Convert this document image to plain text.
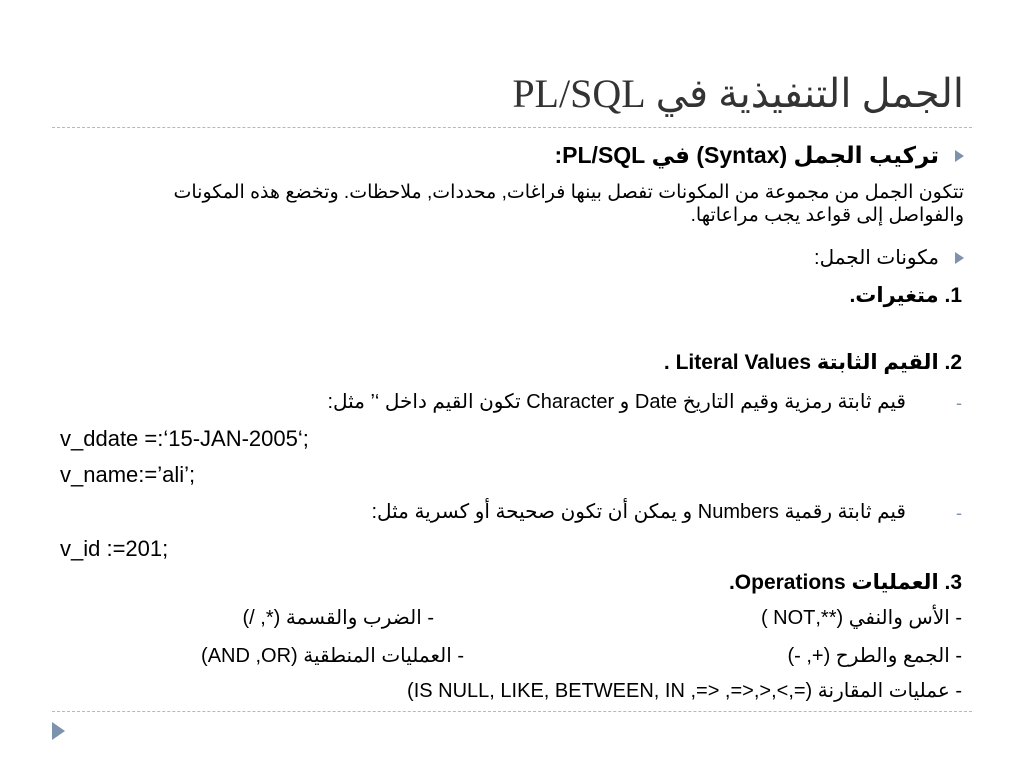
الجمل التنفيذية في PL/SQL
تركيب الجمل (Syntax) في PL/SQL:
تتكون الجمل من مجموعة من المكونات تفصل بينها فراغات, محددات, ملاحظات. وتخضع هذه المكونات والفواصل إلى قواعد يجب مراعاتها.
مكونات الجمل:
1. متغيرات.
2. القيم الثابتة Literal Values .
-
قيم ثابتة رمزية وقيم التاريخ Date و Character تكون القيم داخل ‘’ مثل:
v_ddate =:‘15-JAN-2005‘;
v_name:=’ali’;
-
قيم ثابتة رقمية Numbers و يمكن أن تكون صحيحة أو كسرية مثل:
v_id :=201;
3. العمليات Operations.
- الأس والنفي (**,NOT )
- الضرب والقسمة (*, /)
- الجمع والطرح (+, -)
- العمليات المنطقية (AND ,OR)
- عمليات المقارنة (=,>,<,<=, <=, IS NULL, LIKE, BETWEEN, IN)
